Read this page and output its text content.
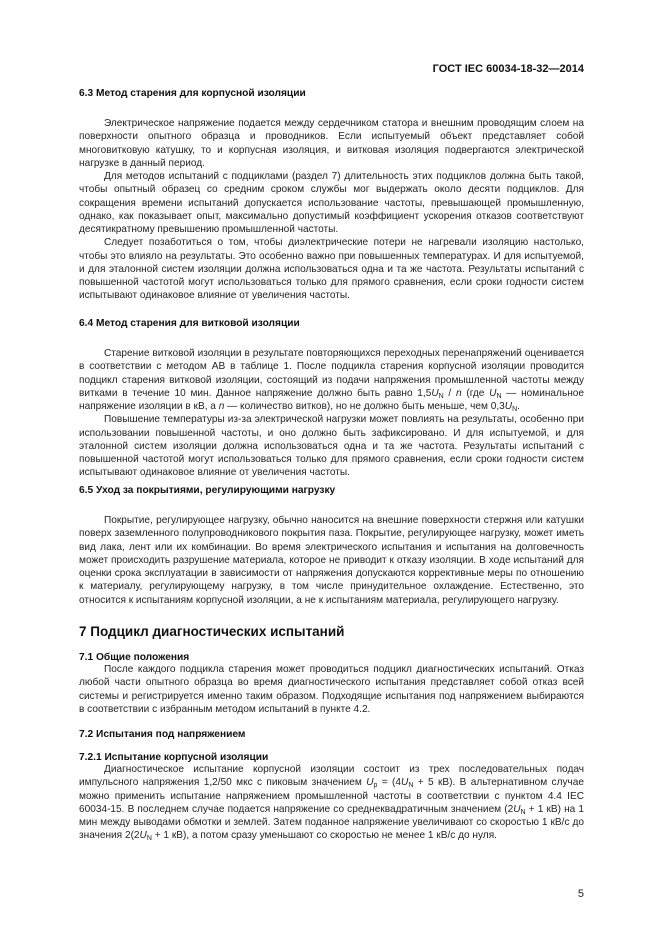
ГОСТ IEC 60034-18-32—2014
6.3 Метод старения для корпусной изоляции

Электрическое напряжение подается между сердечником статора и внешним проводящим слоем на поверхности опытного образца и проводников. Если испытуемый объект представляет собой многовитковую катушку, то и корпусная изоляция, и витковая изоляция подвергаются электрической нагрузке в данный период.

Для методов испытаний с подциклами (раздел 7) длительность этих подциклов должна быть такой, чтобы опытный образец со средним сроком службы мог выдержать около десяти подциклов. Для сокращения времени испытаний допускается использование частоты, превышающей промышленную, однако, как показывает опыт, максимально допустимый коэффициент ускорения отказов соответствуют десятикратному превышению промышленной частоты.

Следует позаботиться о том, чтобы диэлектрические потери не нагревали изоляцию настолько, чтобы это влияло на результаты. Это особенно важно при повышенных температурах. И для испытуемой, и для эталонной систем изоляции должна использоваться одна и та же частота. Результаты испытаний с повышенной частотой могут использоваться только для прямого сравнения, если сроки годности систем испытывают одинаковое влияние от увеличения частоты.

6.4 Метод старения для витковой изоляции

Старение витковой изоляции в результате повторяющихся переходных перенапряжений оценивается в соответствии с методом АВ в таблице 1. После подцикла старения корпусной изоляции проводится подцикл старения витковой изоляции, состоящий из подачи напряжения промышленной частоты между витками в течение 10 мин. Данное напряжение должно быть равно $1,5U_N$ / n (где $U_N$ — номинальное напряжение изоляции в кВ, а n — количество витков), но не должно быть меньше, чем $0,3U_N$.

Повышение температуры из-за электрической нагрузки может повлиять на результаты, особенно при использовании повышенной частоты, и оно должно быть зафиксировано. И для испытуемой, и для эталонной систем изоляции должна использоваться одна и та же частота. Результаты испытаний с повышенной частотой могут использоваться только для прямого сравнения, если сроки годности систем испытывают одинаковое влияние от увеличения частоты.

6.5 Уход за покрытиями, регулирующими нагрузку

Покрытие, регулирующее нагрузку, обычно наносится на внешние поверхности стержня или катушки поверх заземленного полупроводникового покрытия паза. Покрытие, регулирующее нагрузку, может иметь вид лака, лент или их комбинации. Во время электрического испытания и испытания на долговечность может происходить разрушение материала, которое не приводит к отказу изоляции. В ходе испытаний для оценки срока эксплуатации в зависимости от напряжения допускаются коррективные меры по отношению к материалу, регулирующему нагрузку, в том числе принудительное охлаждение. Естественно, это относится к испытаниям корпусной изоляции, а не к испытаниям материала, регулирующего нагрузку.

7 Подцикл диагностических испытаний
7.1 Общие положения

После каждого подцикла старения может проводиться подцикл диагностических испытаний. Отказ любой части опытного образца во время диагностического испытания представляет собой отказ всей системы и регистрируется именно таким образом. Подходящие испытания под напряжением выбираются в соответствии с избранным методом испытаний в пункте 4.2.

7.2 Испытания под напряжением
7.2.1 Испытание корпусной изоляции

Диагностическое испытание корпусной изоляции состоит из трех последовательных подач импульсного напряжения 1,2/50 мкс с пиковым значением $U_p = (4U_N + 5$ кВ). В альтернативном случае можно применить испытание напряжением промышленной частоты в соответствии с пунктом 4.4 IEC 60034-15. В последнем случае подается напряжение со среднеквадратичным значением ($2U_N + 1$ кВ) на 1 мин между выводами обмотки и землей. Затем поданное напряжение увеличивают со скоростью 1 кВ/с до значения $2(2U_N + 1$ кВ), а потом сразу уменьшают со скоростью не менее 1 кВ/с до нуля.

5
